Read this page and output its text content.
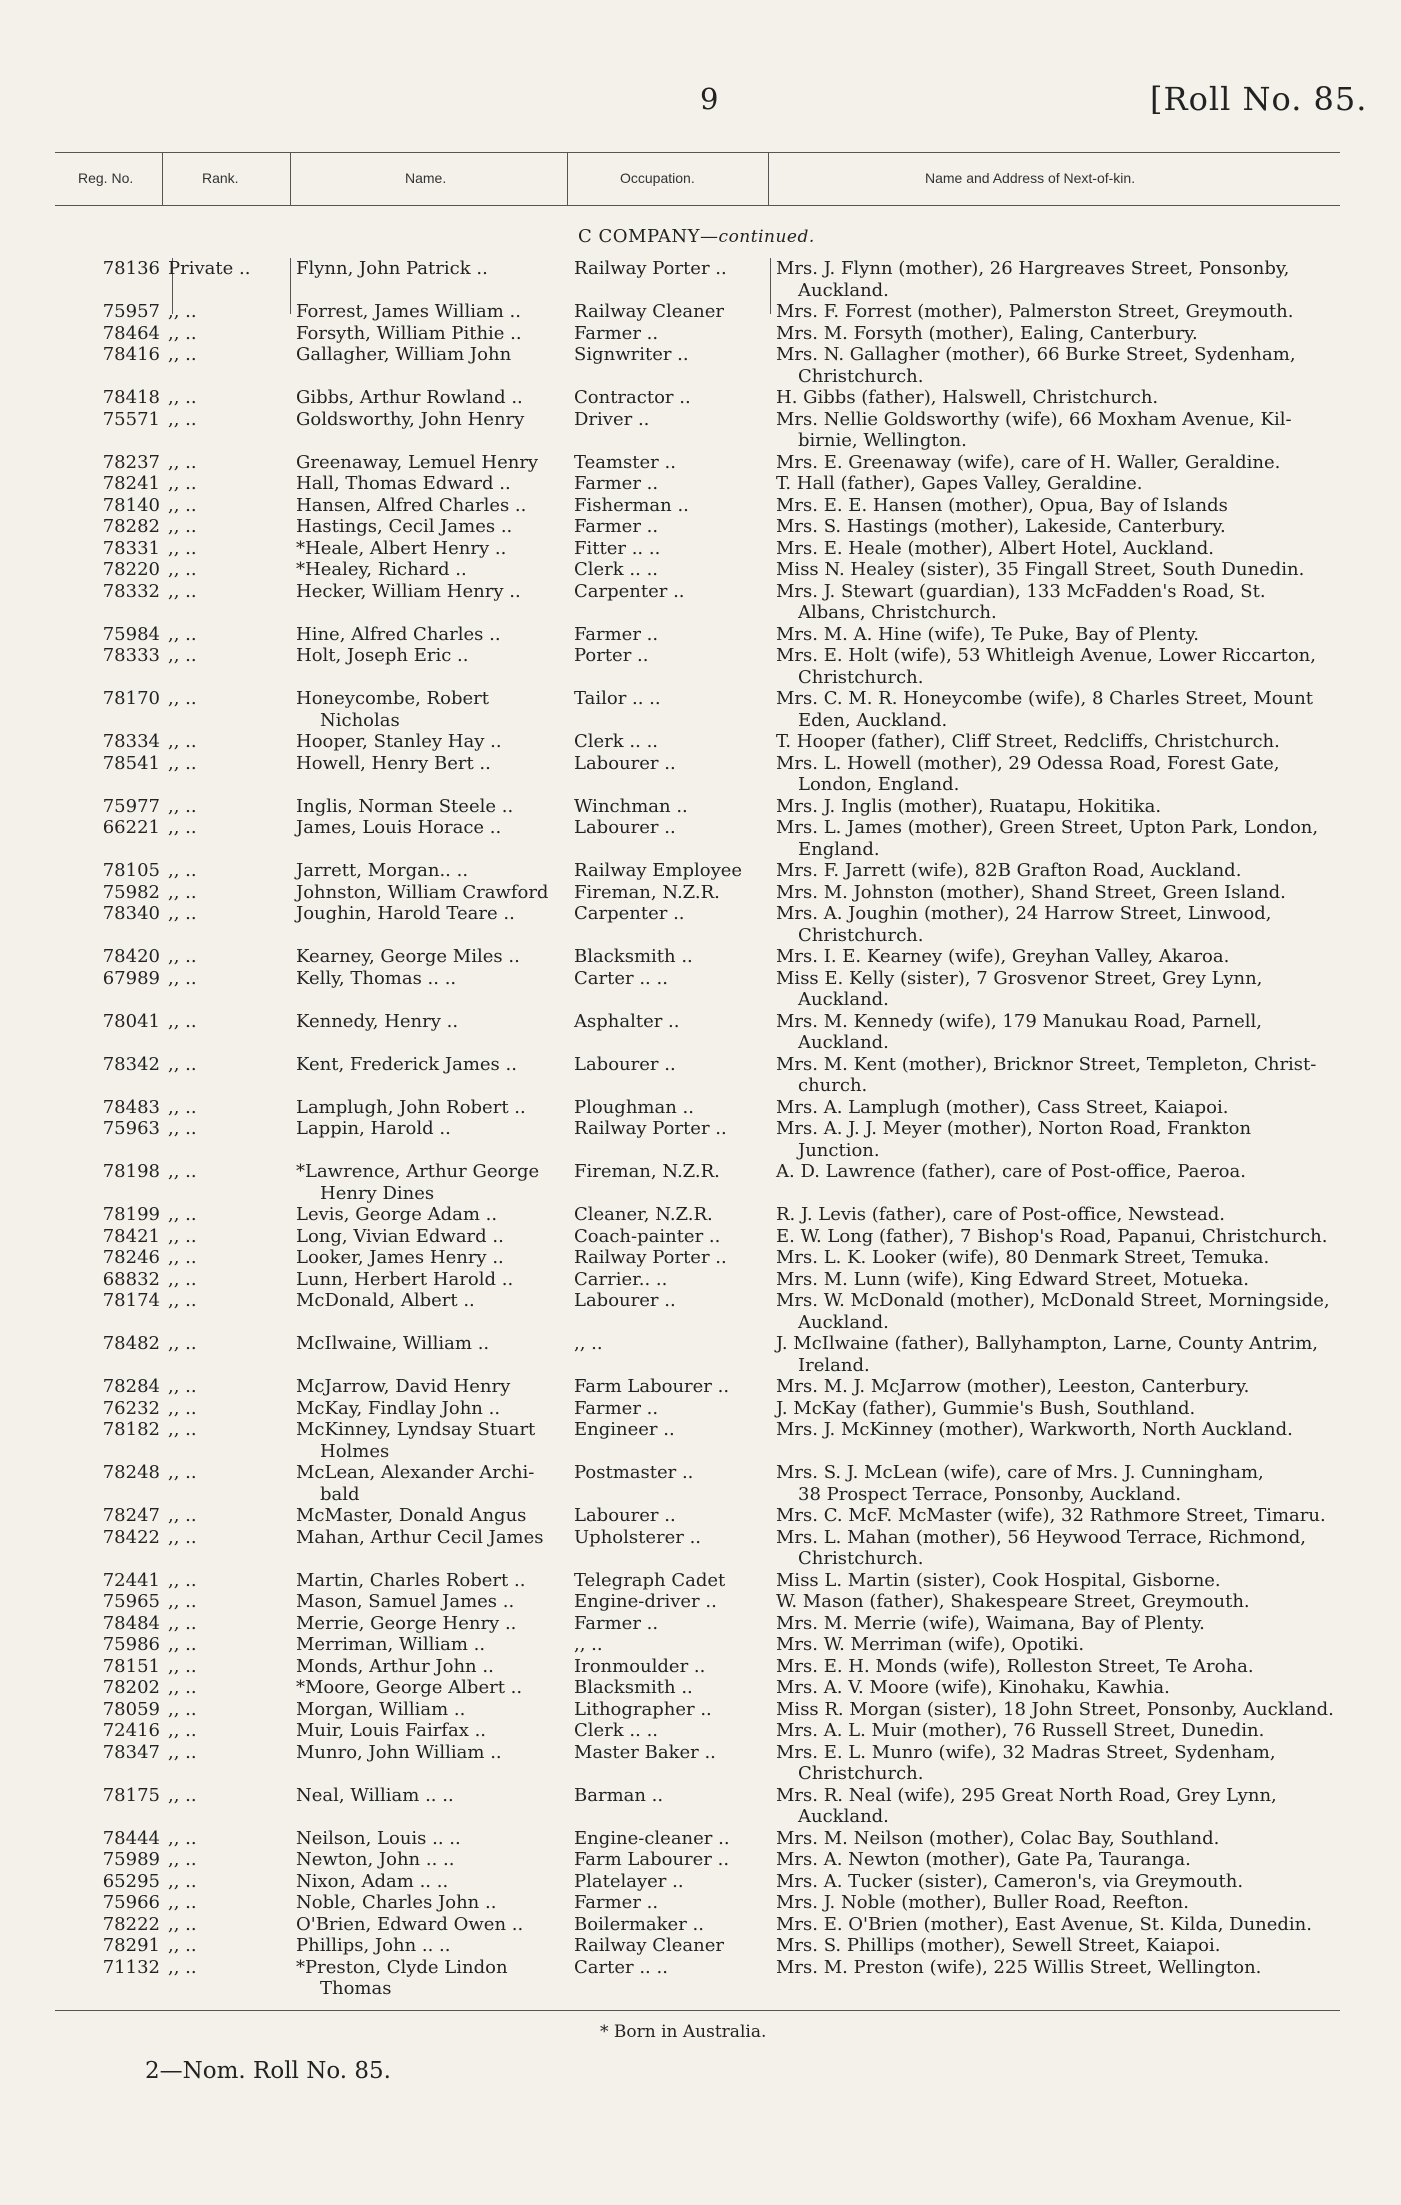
9	[Roll No. 85.
Reg. No.	Rank.	Name.	Occupation.	Name and Address of Next-of-kin.
C COMPANY—continued.
78136 Private ..	Flynn, John Patrick ..	Railway Porter ..	Mrs. J. Flynn (mother), 26 Hargreaves Street, Ponsonby,
Auckland.
75957 ,, ..	Forrest, James William ..	Railway Cleaner	Mrs. F. Forrest (mother), Palmerston Street, Greymouth.
78464 ,, ..	Forsyth, William Pithie ..	Farmer ..	Mrs. M. Forsyth (mother), Ealing, Canterbury.
78416 ,, ..	Gallagher, William John	Signwriter ..	Mrs. N. Gallagher (mother), 66 Burke Street, Sydenham,
Christchurch.
78418 ,, ..	Gibbs, Arthur Rowland ..	Contractor ..	H. Gibbs (father), Halswell, Christchurch.
75571 ,, ..	Goldsworthy, John Henry	Driver ..	Mrs. Nellie Goldsworthy (wife), 66 Moxham Avenue, Kil-
birnie, Wellington.
78237 ,, ..	Greenaway, Lemuel Henry	Teamster ..	Mrs. E. Greenaway (wife), care of H. Waller, Geraldine.
78241 ,, ..	Hall, Thomas Edward ..	Farmer ..	T. Hall (father), Gapes Valley, Geraldine.
78140 ,, ..	Hansen, Alfred Charles ..	Fisherman ..	Mrs. E. E. Hansen (mother), Opua, Bay of Islands
78282 ,, ..	Hastings, Cecil James ..	Farmer ..	Mrs. S. Hastings (mother), Lakeside, Canterbury.
78331 ,, ..	*Heale, Albert Henry ..	Fitter .. ..	Mrs. E. Heale (mother), Albert Hotel, Auckland.
78220 ,, ..	*Healey, Richard ..	Clerk .. ..	Miss N. Healey (sister), 35 Fingall Street, South Dunedin.
78332 ,, ..	Hecker, William Henry ..	Carpenter ..	Mrs. J. Stewart (guardian), 133 McFadden's Road, St.
Albans, Christchurch.
75984 ,, ..	Hine, Alfred Charles ..	Farmer ..	Mrs. M. A. Hine (wife), Te Puke, Bay of Plenty.
78333 ,, ..	Holt, Joseph Eric ..	Porter ..	Mrs. E. Holt (wife), 53 Whitleigh Avenue, Lower Riccarton,
Christchurch.
78170 ,, ..	Honeycombe, Robert
Nicholas
Tailor .. ..	Mrs. C. M. R. Honeycombe (wife), 8 Charles Street, Mount
Eden, Auckland.
78334 ,, ..	Hooper, Stanley Hay ..	Clerk .. ..	T. Hooper (father), Cliff Street, Redcliffs, Christchurch.
78541 ,, ..	Howell, Henry Bert ..	Labourer ..	Mrs. L. Howell (mother), 29 Odessa Road, Forest Gate,
London, England.
75977 ,, ..	Inglis, Norman Steele ..	Winchman ..	Mrs. J. Inglis (mother), Ruatapu, Hokitika.
66221 ,, ..	James, Louis Horace ..	Labourer ..	Mrs. L. James (mother), Green Street, Upton Park, London,
England.
78105 ,, ..	Jarrett, Morgan.. ..	Railway Employee Mrs. F. Jarrett (wife), 82B Grafton Road, Auckland.
75982 ,, ..	Johnston, William Crawford	Fireman, N.Z.R.	Mrs. M. Johnston (mother), Shand Street, Green Island.
78340 ,, ..	Joughin, Harold Teare ..	Carpenter ..	Mrs. A. Joughin (mother), 24 Harrow Street, Linwood,
Christchurch.
78420 ,, ..	Kearney, George Miles ..	Blacksmith ..	Mrs. I. E. Kearney (wife), Greyhan Valley, Akaroa.
67989 ,, ..	Kelly, Thomas .. ..	Carter .. ..	Miss E. Kelly (sister), 7 Grosvenor Street, Grey Lynn,
Auckland.
78041 ,, ..	Kennedy, Henry ..	Asphalter ..	Mrs. M. Kennedy (wife), 179 Manukau Road, Parnell,
Auckland.
78342 ,, ..	Kent, Frederick James ..	Labourer ..	Mrs. M. Kent (mother), Bricknor Street, Templeton, Christ-
church.
78483 ,, ..	Lamplugh, John Robert ..	Ploughman ..	Mrs. A. Lamplugh (mother), Cass Street, Kaiapoi.
75963 ,, ..	Lappin, Harold ..	Railway Porter ..	Mrs. A. J. J. Meyer (mother), Norton Road, Frankton
Junction.
78198 ,, ..	*Lawrence, Arthur George
Henry Dines
Fireman, N.Z.R.	A. D. Lawrence (father), care of Post-office, Paeroa.
78199 ,, ..	Levis, George Adam ..	Cleaner, N.Z.R.	R. J. Levis (father), care of Post-office, Newstead.
78421 ,, ..	Long, Vivian Edward ..	Coach-painter ..	E. W. Long (father), 7 Bishop's Road, Papanui, Christchurch.
78246 ,, ..	Looker, James Henry ..	Railway Porter ..	Mrs. L. K. Looker (wife), 80 Denmark Street, Temuka.
68832 ,, ..	Lunn, Herbert Harold ..	Carrier.. ..	Mrs. M. Lunn (wife), King Edward Street, Motueka.
78174 ,, ..	McDonald, Albert ..	Labourer ..	Mrs. W. McDonald (mother), McDonald Street, Morningside,
Auckland.
78482 ,, ..	McIlwaine, William ..	,, ..	J. McIlwaine (father), Ballyhampton, Larne, County Antrim,
Ireland.
78284 ,, ..	McJarrow, David Henry	Farm Labourer ..	Mrs. M. J. McJarrow (mother), Leeston, Canterbury.
76232 ,, ..	McKay, Findlay John ..	Farmer ..	J. McKay (father), Gummie's Bush, Southland.
78182 ,, ..	McKinney, Lyndsay Stuart
Holmes
Engineer ..	Mrs. J. McKinney (mother), Warkworth, North Auckland.
78248 ,, ..	McLean, Alexander Archi-
bald
Postmaster ..	Mrs. S. J. McLean (wife), care of Mrs. J. Cunningham,
38 Prospect Terrace, Ponsonby, Auckland.
78247 ,, ..	McMaster, Donald Angus	Labourer ..	Mrs. C. McF. McMaster (wife), 32 Rathmore Street, Timaru.
78422 ,, ..	Mahan, Arthur Cecil James	Upholsterer ..	Mrs. L. Mahan (mother), 56 Heywood Terrace, Richmond,
Christchurch.
72441 ,, ..	Martin, Charles Robert ..	Telegraph Cadet	Miss L. Martin (sister), Cook Hospital, Gisborne.
75965 ,, ..	Mason, Samuel James ..	Engine-driver ..	W. Mason (father), Shakespeare Street, Greymouth.
78484 ,, ..	Merrie, George Henry ..	Farmer ..	Mrs. M. Merrie (wife), Waimana, Bay of Plenty.
75986 ,, ..	Merriman, William ..	,, ..	Mrs. W. Merriman (wife), Opotiki.
78151 ,, ..	Monds, Arthur John ..	Ironmoulder ..	Mrs. E. H. Monds (wife), Rolleston Street, Te Aroha.
78202 ,, ..	*Moore, George Albert ..	Blacksmith ..	Mrs. A. V. Moore (wife), Kinohaku, Kawhia.
78059 ,, ..	Morgan, William ..	Lithographer ..	Miss R. Morgan (sister), 18 John Street, Ponsonby, Auckland.
72416 ,, ..	Muir, Louis Fairfax ..	Clerk .. ..	Mrs. A. L. Muir (mother), 76 Russell Street, Dunedin.
78347 ,, ..	Munro, John William ..	Master Baker ..	Mrs. E. L. Munro (wife), 32 Madras Street, Sydenham,
Christchurch.
78175 ,, ..	Neal, William .. ..	Barman ..	Mrs. R. Neal (wife), 295 Great North Road, Grey Lynn,
Auckland.
78444 ,, ..	Neilson, Louis .. ..	Engine-cleaner ..	Mrs. M. Neilson (mother), Colac Bay, Southland.
75989 ,, ..	Newton, John .. ..	Farm Labourer ..	Mrs. A. Newton (mother), Gate Pa, Tauranga.
65295 ,, ..	Nixon, Adam .. ..	Platelayer ..	Mrs. A. Tucker (sister), Cameron's, via Greymouth.
75966 ,, ..	Noble, Charles John ..	Farmer ..	Mrs. J. Noble (mother), Buller Road, Reefton.
78222 ,, ..	O'Brien, Edward Owen ..	Boilermaker ..	Mrs. E. O'Brien (mother), East Avenue, St. Kilda, Dunedin.
78291 ,, ..	Phillips, John .. ..	Railway Cleaner	Mrs. S. Phillips (mother), Sewell Street, Kaiapoi.
71132 ,, ..	*Preston, Clyde Lindon
Thomas
Carter .. ..	Mrs. M. Preston (wife), 225 Willis Street, Wellington.
* Born in Australia.
2—Nom. Roll No. 85.
